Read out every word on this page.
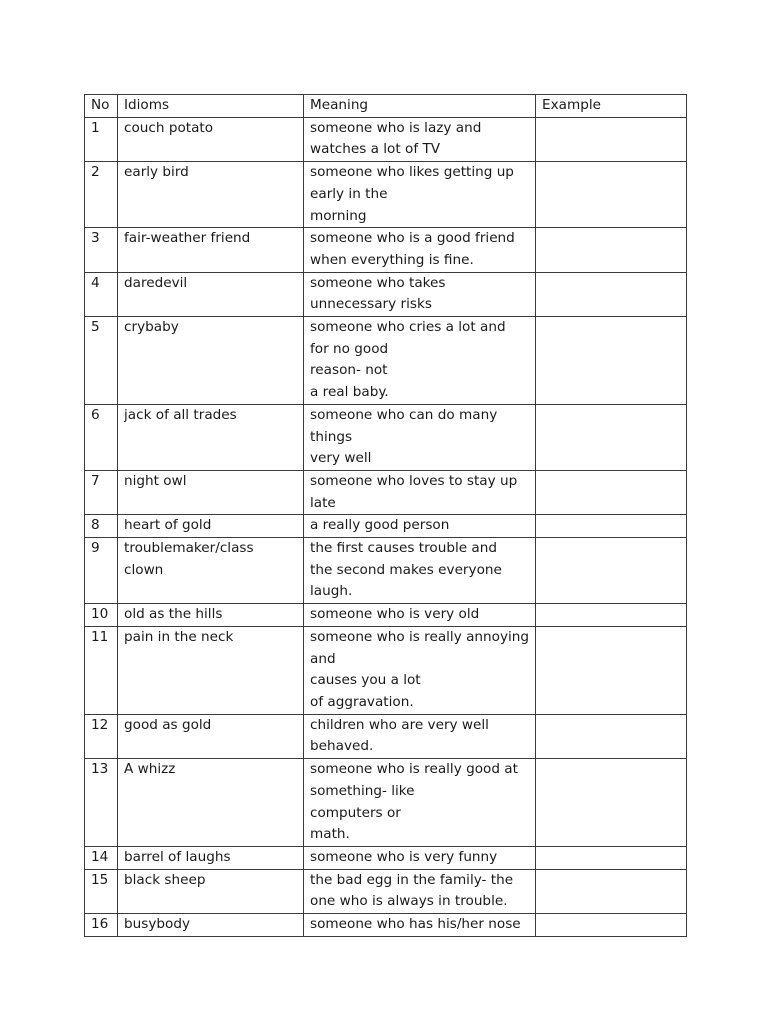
No	Idioms	Meaning	Example
1	couch potato	someone who is lazy and
watches a lot of TV	

2	early bird	someone who likes getting up
early in the
morning	

3	fair-weather friend	someone who is a good friend
when everything is fine.	

4	daredevil	someone who takes
unnecessary risks	

5	crybaby	someone who cries a lot and
for no good
reason- not
a real baby.	

6	jack of all trades	someone who can do many
things
very well	

7	night owl	someone who loves to stay up
late	

8	heart of gold	a really good person	

9	troublemaker/class
clown	the first causes trouble and
the second makes everyone
laugh.	

10	old as the hills	someone who is very old	

11	pain in the neck	someone who is really annoying
and
causes you a lot
of aggravation.	

12	good as gold	children who are very well
behaved.	

13	A whizz	someone who is really good at
something- like
computers or
math.	

14	barrel of laughs	someone who is very funny	

15	black sheep	the bad egg in the family- the
one who is always in trouble.	

16	busybody	someone who has his/her nose	
